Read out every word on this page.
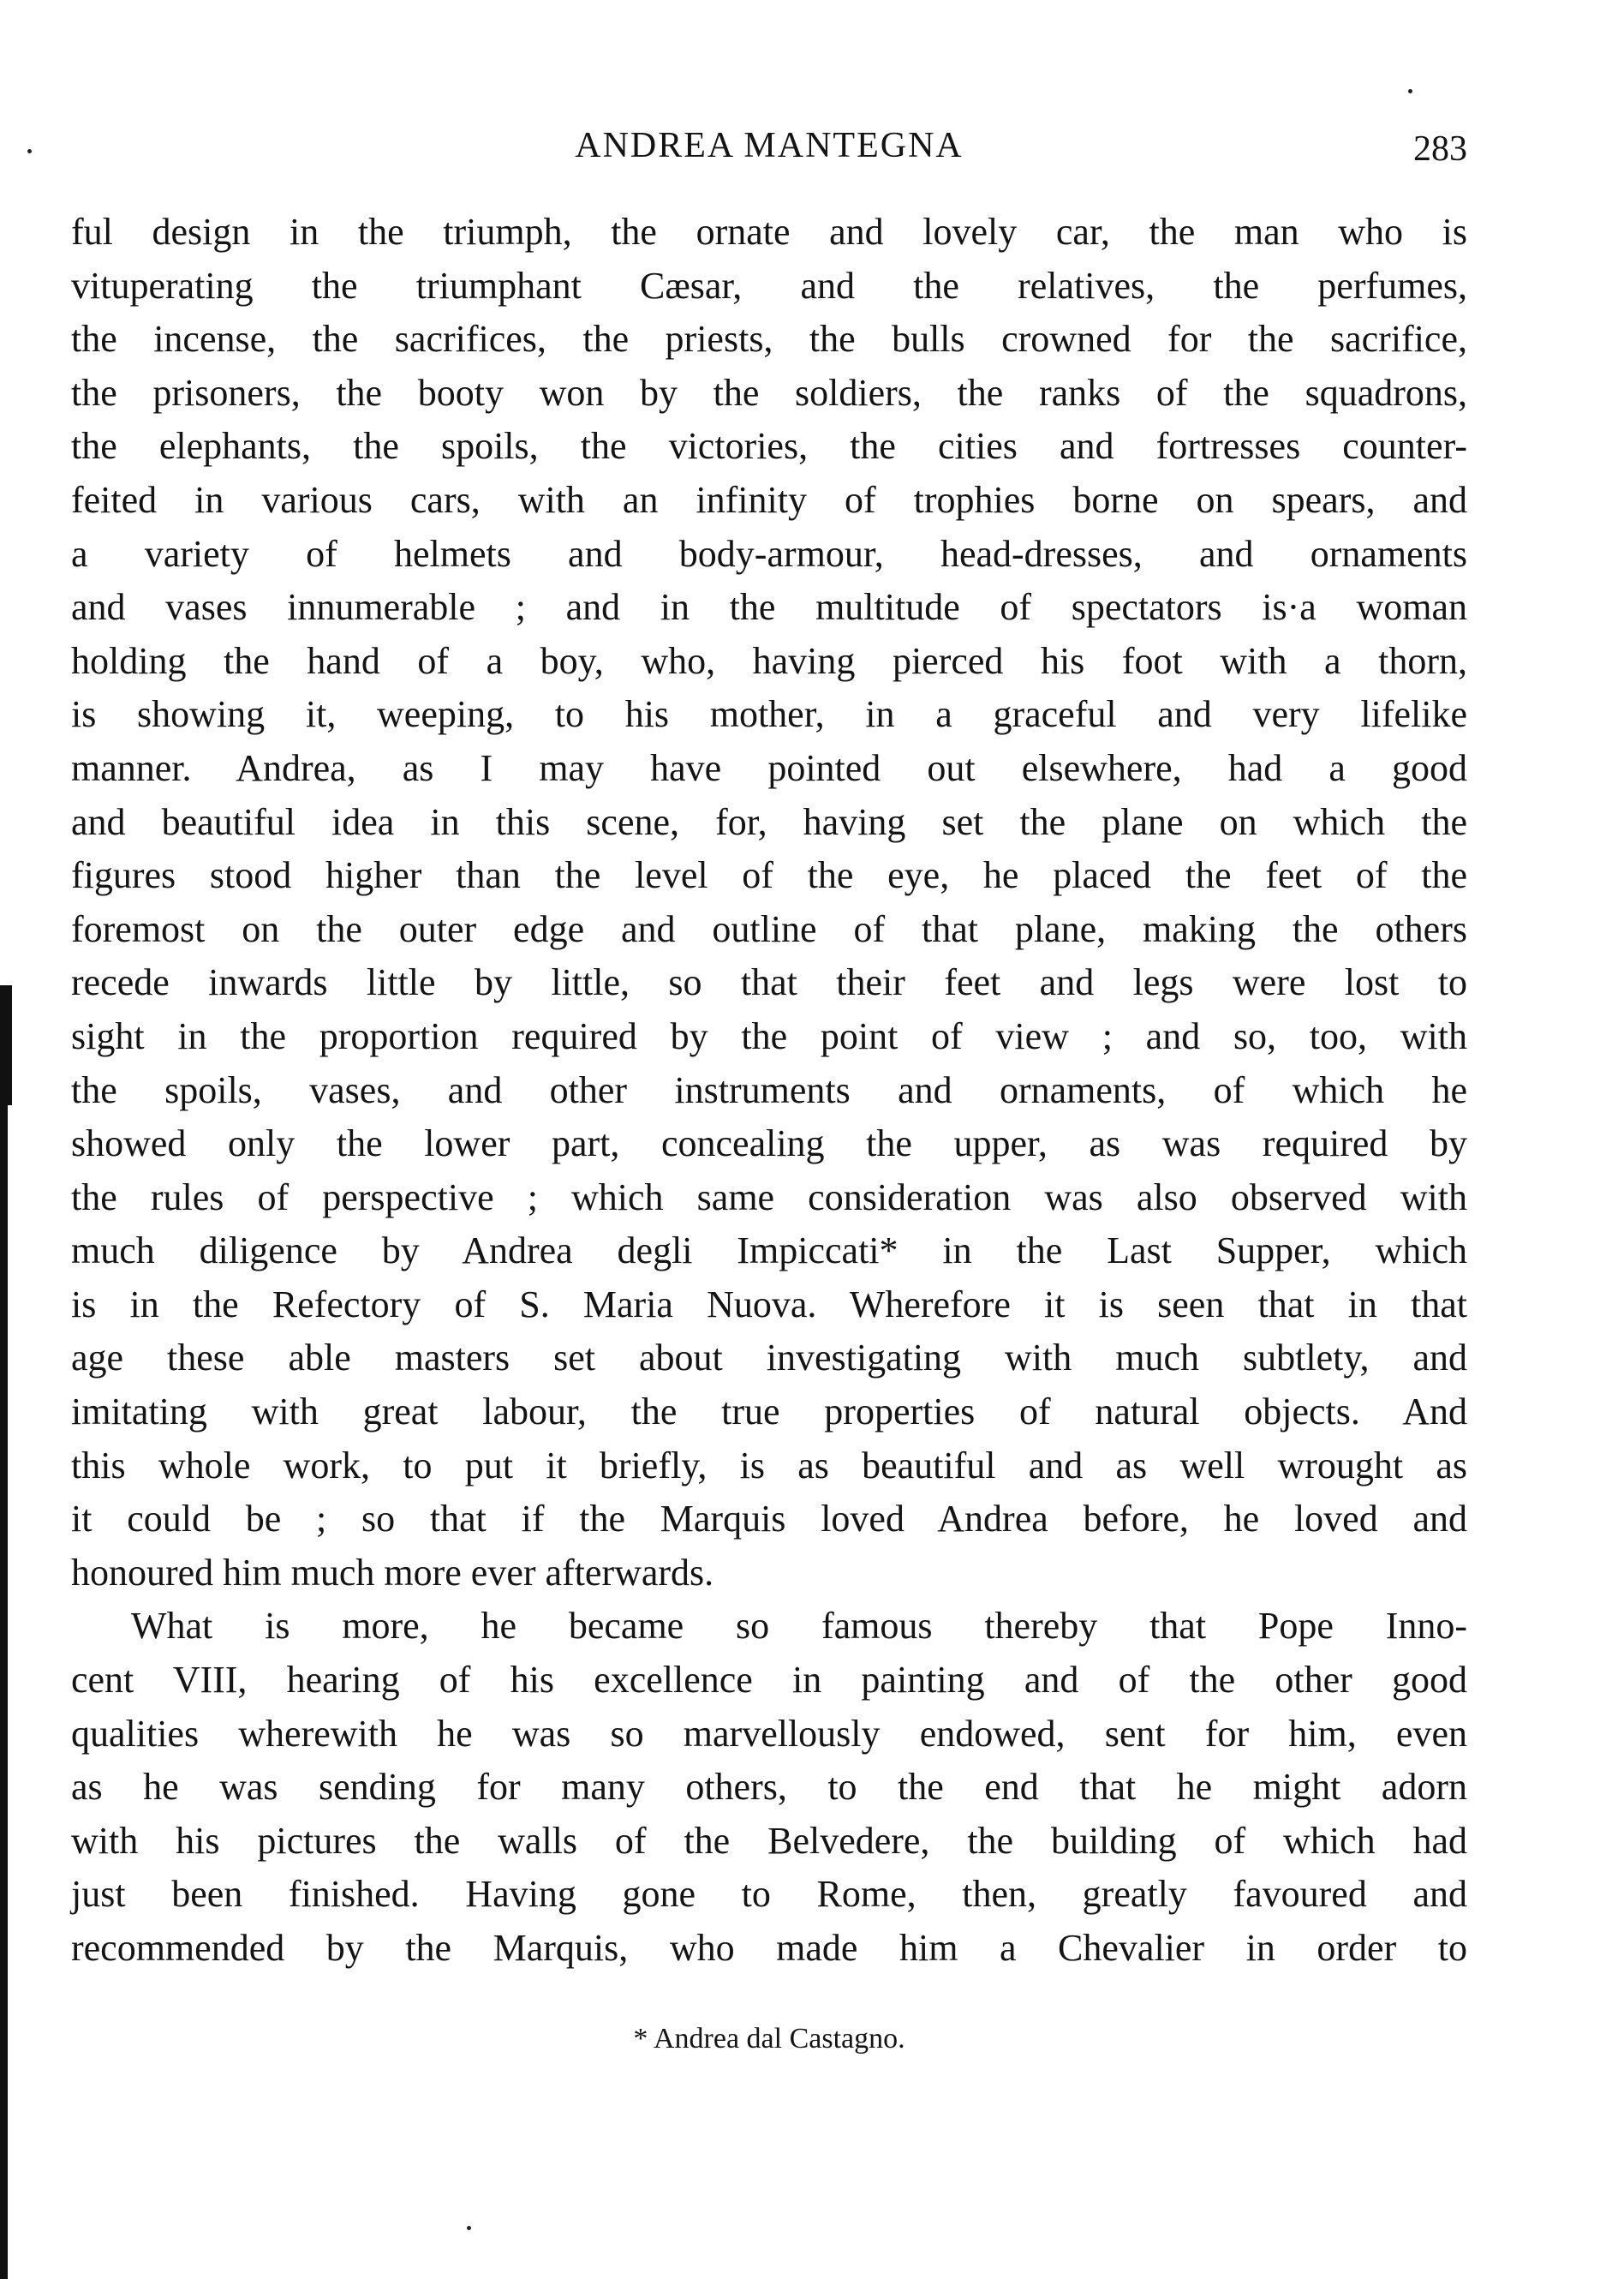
ANDREA MANTEGNA	283
ful design in the triumph, the ornate and lovely car, the man who is
vituperating the triumphant Cæsar, and the relatives, the perfumes,
the incense, the sacrifices, the priests, the bulls crowned for the sacrifice,
the prisoners, the booty won by the soldiers, the ranks of the squadrons,
the elephants, the spoils, the victories, the cities and fortresses counter-
feited in various cars, with an infinity of trophies borne on spears, and
a variety of helmets and body-armour, head-dresses, and ornaments
and vases innumerable ; and in the multitude of spectators is·a woman
holding the hand of a boy, who, having pierced his foot with a thorn,
is showing it, weeping, to his mother, in a graceful and very lifelike
manner. Andrea, as I may have pointed out elsewhere, had a good
and beautiful idea in this scene, for, having set the plane on which the
figures stood higher than the level of the eye, he placed the feet of the
foremost on the outer edge and outline of that plane, making the others
recede inwards little by little, so that their feet and legs were lost to
sight in the proportion required by the point of view ; and so, too, with
the spoils, vases, and other instruments and ornaments, of which he
showed only the lower part, concealing the upper, as was required by
the rules of perspective ; which same consideration was also observed with
much diligence by Andrea degli Impiccati* in the Last Supper, which
is in the Refectory of S. Maria Nuova. Wherefore it is seen that in that
age these able masters set about investigating with much subtlety, and
imitating with great labour, the true properties of natural objects. And
this whole work, to put it briefly, is as beautiful and as well wrought as
it could be ; so that if the Marquis loved Andrea before, he loved and
honoured him much more ever afterwards.
What is more, he became so famous thereby that Pope Inno-
cent VIII, hearing of his excellence in painting and of the other good
qualities wherewith he was so marvellously endowed, sent for him, even
as he was sending for many others, to the end that he might adorn
with his pictures the walls of the Belvedere, the building of which had
just been finished. Having gone to Rome, then, greatly favoured and
recommended by the Marquis, who made him a Chevalier in order to
* Andrea dal Castagno.
